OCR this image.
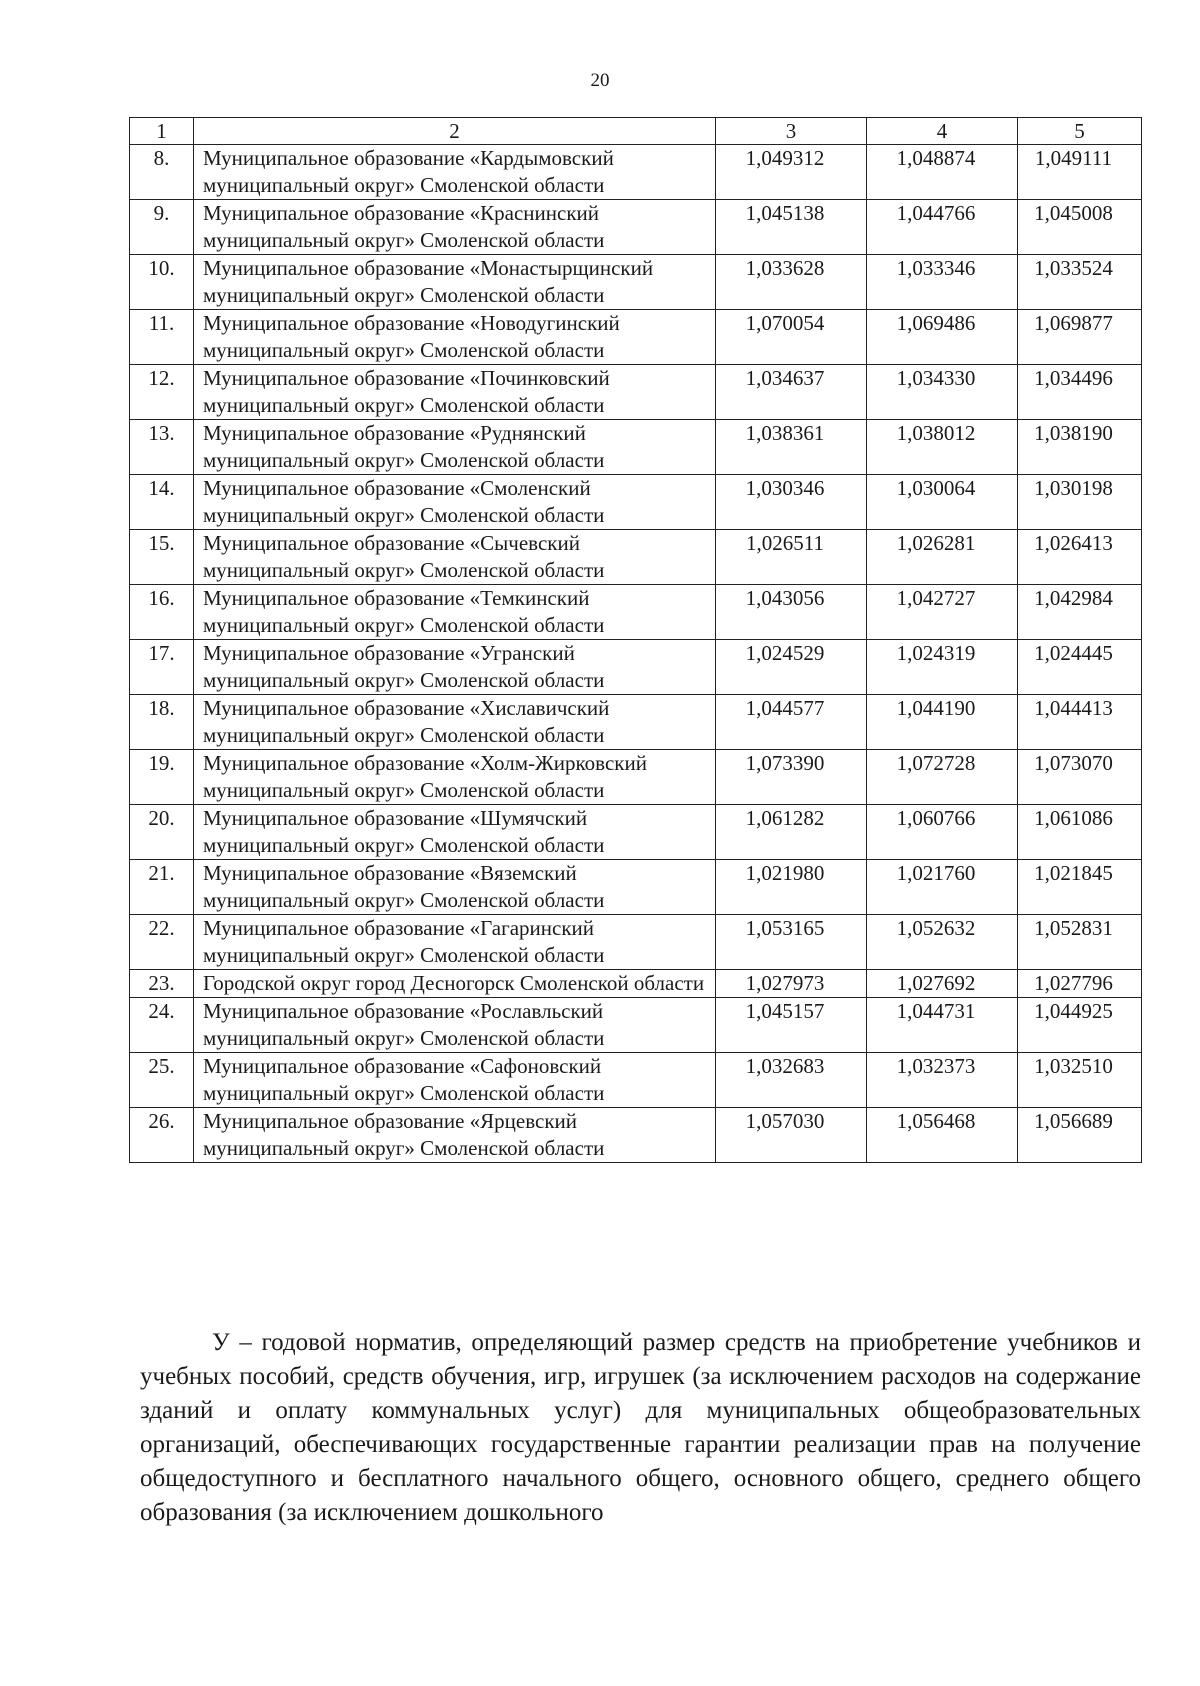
20
1	2	3	4	5
8.	Муниципальное образование «Кардымовский муниципальный округ» Смоленской области	1,049312	1,048874	1,049111
9.	Муниципальное образование «Краснинский муниципальный округ» Смоленской области	1,045138	1,044766	1,045008
10.	Муниципальное образование «Монастырщинский муниципальный округ» Смоленской области	1,033628	1,033346	1,033524
11.	Муниципальное образование «Новодугинский муниципальный округ» Смоленской области	1,070054	1,069486	1,069877
12.	Муниципальное образование «Починковский муниципальный округ» Смоленской области	1,034637	1,034330	1,034496
13.	Муниципальное образование «Руднянский муниципальный округ» Смоленской области	1,038361	1,038012	1,038190
14.	Муниципальное образование «Смоленский муниципальный округ» Смоленской области	1,030346	1,030064	1,030198
15.	Муниципальное образование «Сычевский муниципальный округ» Смоленской области	1,026511	1,026281	1,026413
16.	Муниципальное образование «Темкинский муниципальный округ» Смоленской области	1,043056	1,042727	1,042984
17.	Муниципальное образование «Угранский муниципальный округ» Смоленской области	1,024529	1,024319	1,024445
18.	Муниципальное образование «Хиславичский муниципальный округ» Смоленской области	1,044577	1,044190	1,044413
19.	Муниципальное образование «Холм-Жирковский муниципальный округ» Смоленской области	1,073390	1,072728	1,073070
20.	Муниципальное образование «Шумячский муниципальный округ» Смоленской области	1,061282	1,060766	1,061086
21.	Муниципальное образование «Вяземский муниципальный округ» Смоленской области	1,021980	1,021760	1,021845
22.	Муниципальное образование «Гагаринский муниципальный округ» Смоленской области	1,053165	1,052632	1,052831
23.	Городской округ город Десногорск Смоленской области	1,027973	1,027692	1,027796
24.	Муниципальное образование «Рославльский муниципальный округ» Смоленской области	1,045157	1,044731	1,044925
25.	Муниципальное образование «Сафоновский муниципальный округ» Смоленской области	1,032683	1,032373	1,032510
26.	Муниципальное образование «Ярцевский муниципальный округ» Смоленской области	1,057030	1,056468	1,056689

У – годовой норматив, определяющий размер средств на приобретение учебников и учебных пособий, средств обучения, игр, игрушек (за исключением расходов на содержание зданий и оплату коммунальных услуг) для муниципальных общеобразовательных организаций, обеспечивающих государственные гарантии реализации прав на получение общедоступного и бесплатного начального общего, основного общего, среднего общего образования (за исключением дошкольного
